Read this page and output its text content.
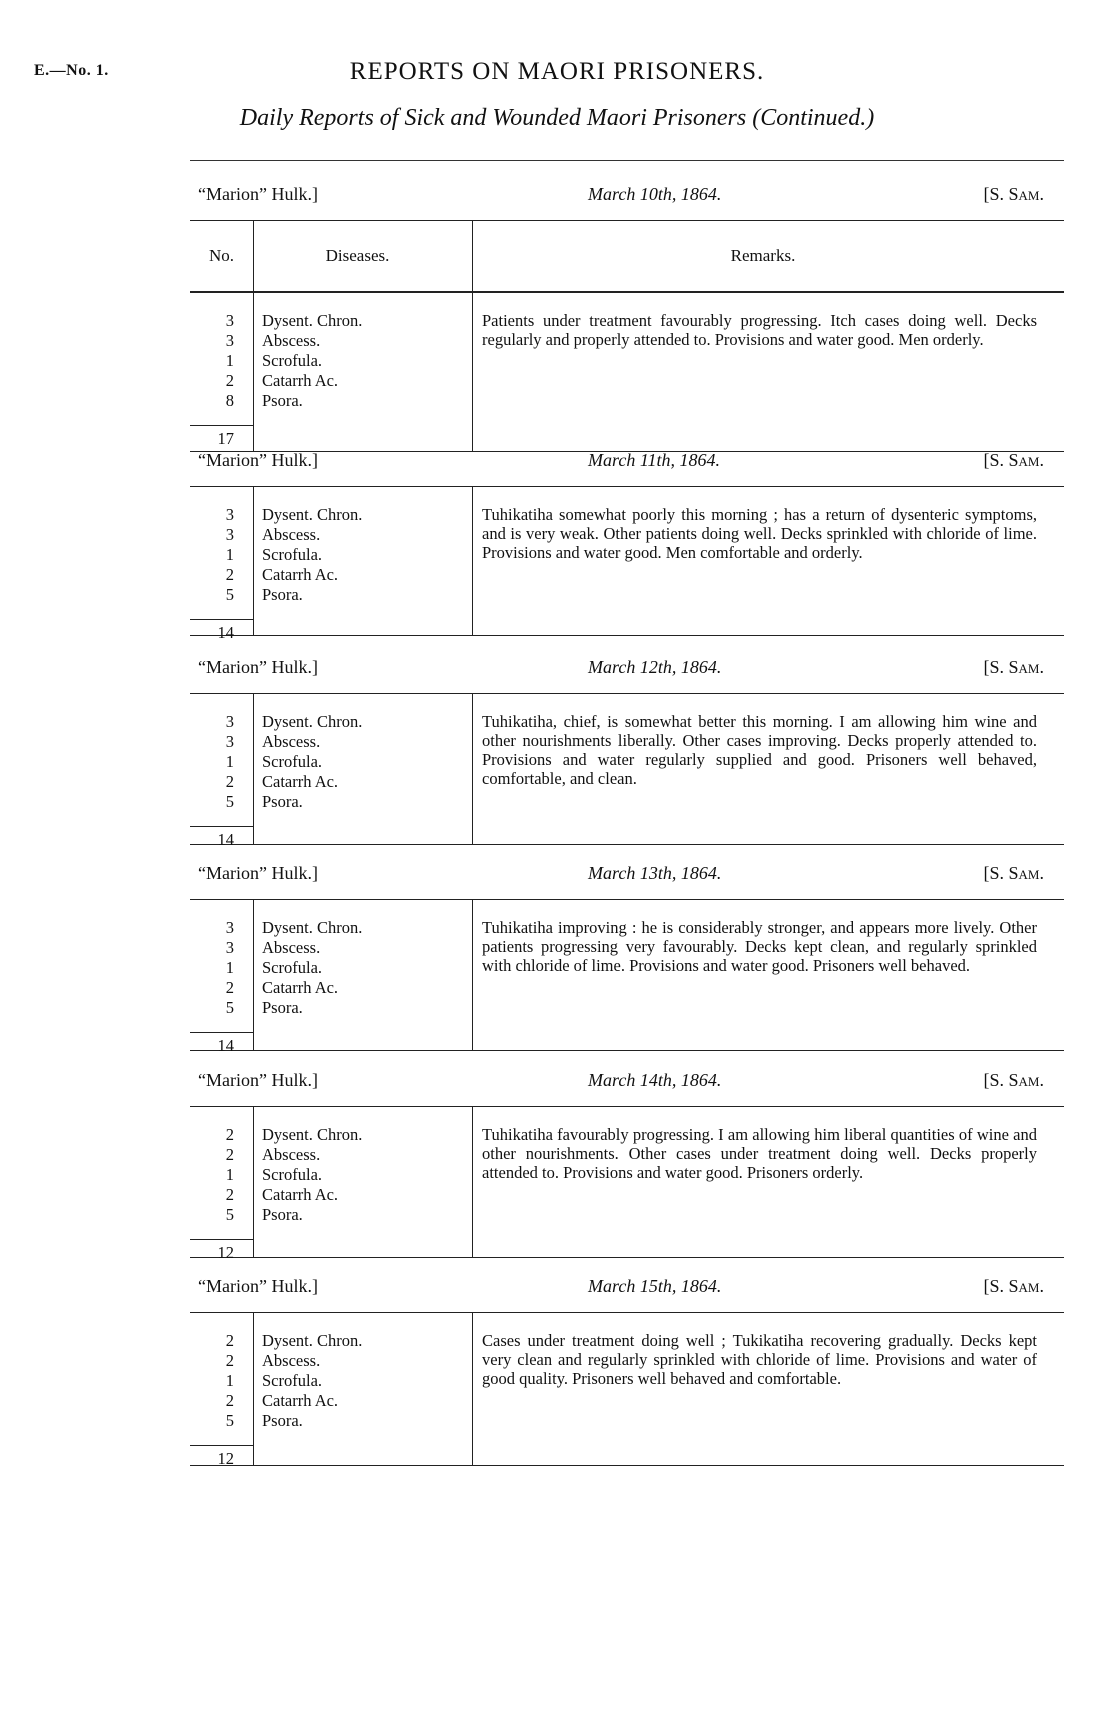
E.—No. 1.	REPORTS ON MAORI PRISONERS.
Daily Reports of Sick and Wounded Maori Prisoners (Continued.)
“Marion” Hulk.]	March 10th, 1864.	[S. Sam.
No.	Diseases.	Remarks.
3 Dysent. Chron.
3 Abscess.
1 Scrofula.
2 Catarrh Ac.
8 Psora.
17
Patients under treatment favourably progressing. Itch cases doing well. Decks regularly and properly attended to. Provisions and water good. Men orderly.
“Marion” Hulk.]	March 11th, 1864.	[S. Sam.
3 Dysent. Chron.
3 Abscess.
1 Scrofula.
2 Catarrh Ac.
5 Psora.
14
Tuhikatiha somewhat poorly this morning ; has a return of dysenteric symptoms, and is very weak. Other patients doing well. Decks sprinkled with chloride of lime. Provisions and water good. Men comfortable and orderly.
“Marion” Hulk.]	March 12th, 1864.	[S. Sam.
3 Dysent. Chron.
3 Abscess.
1 Scrofula.
2 Catarrh Ac.
5 Psora.
14
Tuhikatiha, chief, is somewhat better this morning. I am allowing him wine and other nourishments liberally. Other cases improving. Decks properly attended to. Provisions and water regularly supplied and good. Prisoners well behaved, comfortable, and clean.
“Marion” Hulk.]	March 13th, 1864.	[S. Sam.
3 Dysent. Chron.
3 Abscess.
1 Scrofula.
2 Catarrh Ac.
5 Psora.
14
Tuhikatiha improving : he is considerably stronger, and appears more lively. Other patients progressing very favourably. Decks kept clean, and regularly sprinkled with chloride of lime. Provisions and water good. Prisoners well behaved.
“Marion” Hulk.]	March 14th, 1864.	[S. Sam.
2 Dysent. Chron.
2 Abscess.
1 Scrofula.
2 Catarrh Ac.
5 Psora.
12
Tuhikatiha favourably progressing. I am allowing him liberal quantities of wine and other nourishments. Other cases under treatment doing well. Decks properly attended to. Provisions and water good. Prisoners orderly.
“Marion” Hulk.]	March 15th, 1864.	[S. Sam.
2 Dysent. Chron.
2 Abscess.
1 Scrofula.
2 Catarrh Ac.
5 Psora.
12
Cases under treatment doing well ; Tukikatiha recovering gradually. Decks kept very clean and regularly sprinkled with chloride of lime. Provisions and water of good quality. Prisoners well behaved and comfortable.
